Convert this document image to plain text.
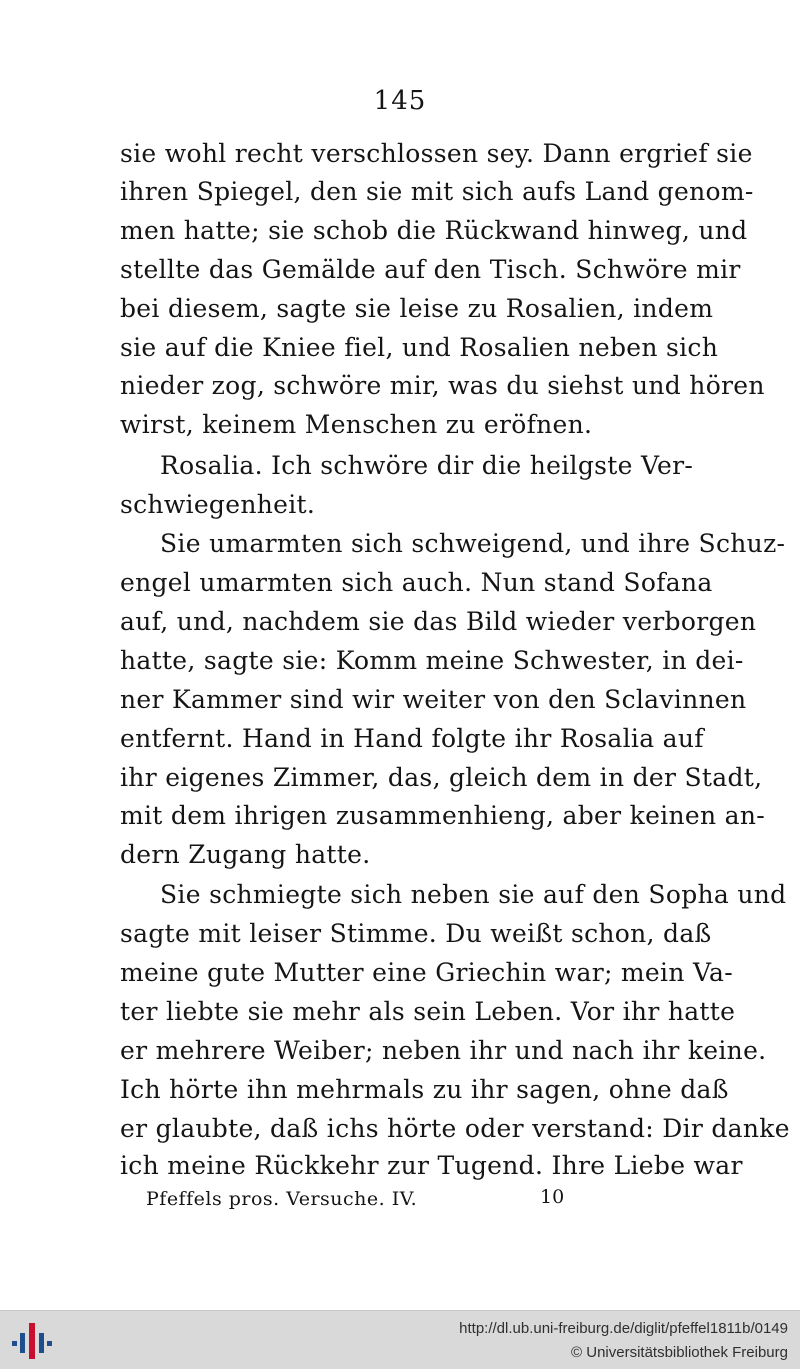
145
sie wohl recht verschlossen sey. Dann ergrief sie
ihren Spiegel, den sie mit sich aufs Land genom-
men hatte; sie schob die Rückwand hinweg, und
stellte das Gemälde auf den Tisch. Schwöre mir
bei diesem, sagte sie leise zu Rosalien, indem
sie auf die Kniee fiel, und Rosalien neben sich
nieder zog, schwöre mir, was du siehst und hören
wirst, keinem Menschen zu eröfnen.
Rosalia. Ich schwöre dir die heilgste Ver-
schwiegenheit.
Sie umarmten sich schweigend, und ihre Schuz-
engel umarmten sich auch. Nun stand Sofana
auf, und, nachdem sie das Bild wieder verborgen
hatte, sagte sie: Komm meine Schwester, in dei-
ner Kammer sind wir weiter von den Sclavinnen
entfernt. Hand in Hand folgte ihr Rosalia auf
ihr eigenes Zimmer, das, gleich dem in der Stadt,
mit dem ihrigen zusammenhieng, aber keinen an-
dern Zugang hatte.
Sie schmiegte sich neben sie auf den Sopha und
sagte mit leiser Stimme. Du weißt schon, daß
meine gute Mutter eine Griechin war; mein Va-
ter liebte sie mehr als sein Leben. Vor ihr hatte
er mehrere Weiber; neben ihr und nach ihr keine.
Ich hörte ihn mehrmals zu ihr sagen, ohne daß
er glaubte, daß ichs hörte oder verstand: Dir danke
ich meine Rückkehr zur Tugend. Ihre Liebe war
Pfeffels pros. Versuche. IV.	10
http://dl.ub.uni-freiburg.de/diglit/pfeffel1811b/0149
© Universitätsbibliothek Freiburg
